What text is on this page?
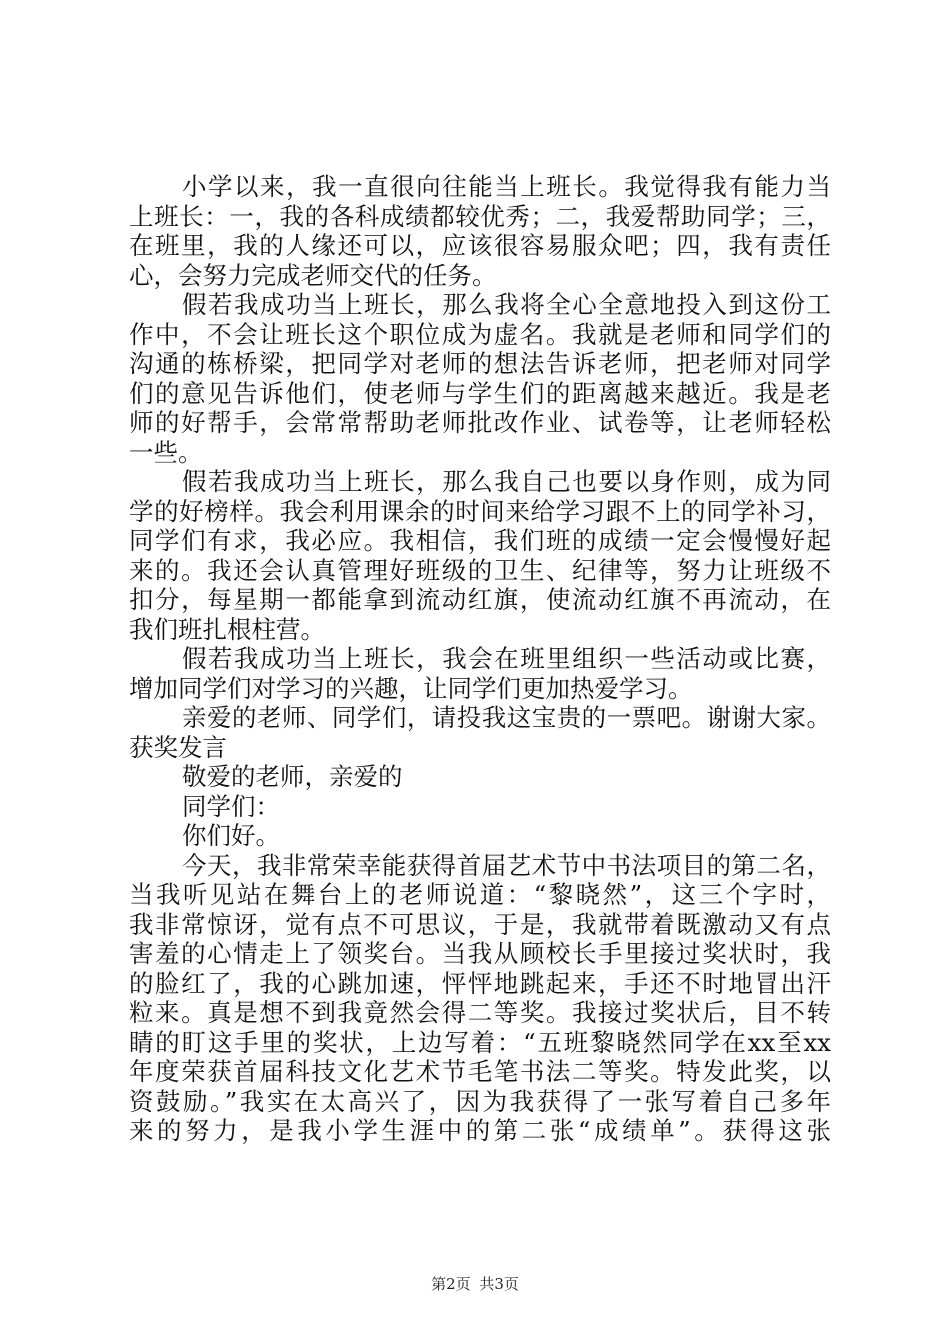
小学以来，我一直很向往能当上班长。我觉得我有能力当
上班长：一，我的各科成绩都较优秀；二，我爱帮助同学；三，
在班里，我的人缘还可以，应该很容易服众吧；四，我有责任
心，会努力完成老师交代的任务。
假若我成功当上班长，那么我将全心全意地投入到这份工
作中，不会让班长这个职位成为虚名。我就是老师和同学们的
沟通的栋桥梁，把同学对老师的想法告诉老师，把老师对同学
们的意见告诉他们，使老师与学生们的距离越来越近。我是老
师的好帮手，会常常帮助老师批改作业、试卷等，让老师轻松
一些。
假若我成功当上班长，那么我自己也要以身作则，成为同
学的好榜样。我会利用课余的时间来给学习跟不上的同学补习，
同学们有求，我必应。我相信，我们班的成绩一定会慢慢好起
来的。我还会认真管理好班级的卫生、纪律等，努力让班级不
扣分，每星期一都能拿到流动红旗，使流动红旗不再流动，在
我们班扎根柱营。
假若我成功当上班长，我会在班里组织一些活动或比赛，
增加同学们对学习的兴趣，让同学们更加热爱学习。
亲爱的老师、同学们，请投我这宝贵的一票吧。谢谢大家。
获奖发言
敬爱的老师，亲爱的
同学们：
你们好。
今天，我非常荣幸能获得首届艺术节中书法项目的第二名，
当我听见站在舞台上的老师说道：“黎晓然”，这三个字时，
我非常惊讶，觉有点不可思议，于是，我就带着既激动又有点
害羞的心情走上了领奖台。当我从顾校长手里接过奖状时，我
的脸红了，我的心跳加速，怦怦地跳起来，手还不时地冒出汗
粒来。真是想不到我竟然会得二等奖。我接过奖状后，目不转
睛的盯这手里的奖状，上边写着：“五班黎晓然同学在xx至xx
年度荣获首届科技文化艺术节毛笔书法二等奖。特发此奖，以
资鼓励。”我实在太高兴了，因为我获得了一张写着自己多年
来的努力，是我小学生涯中的第二张“成绩单”。获得这张
第2页 共3页
